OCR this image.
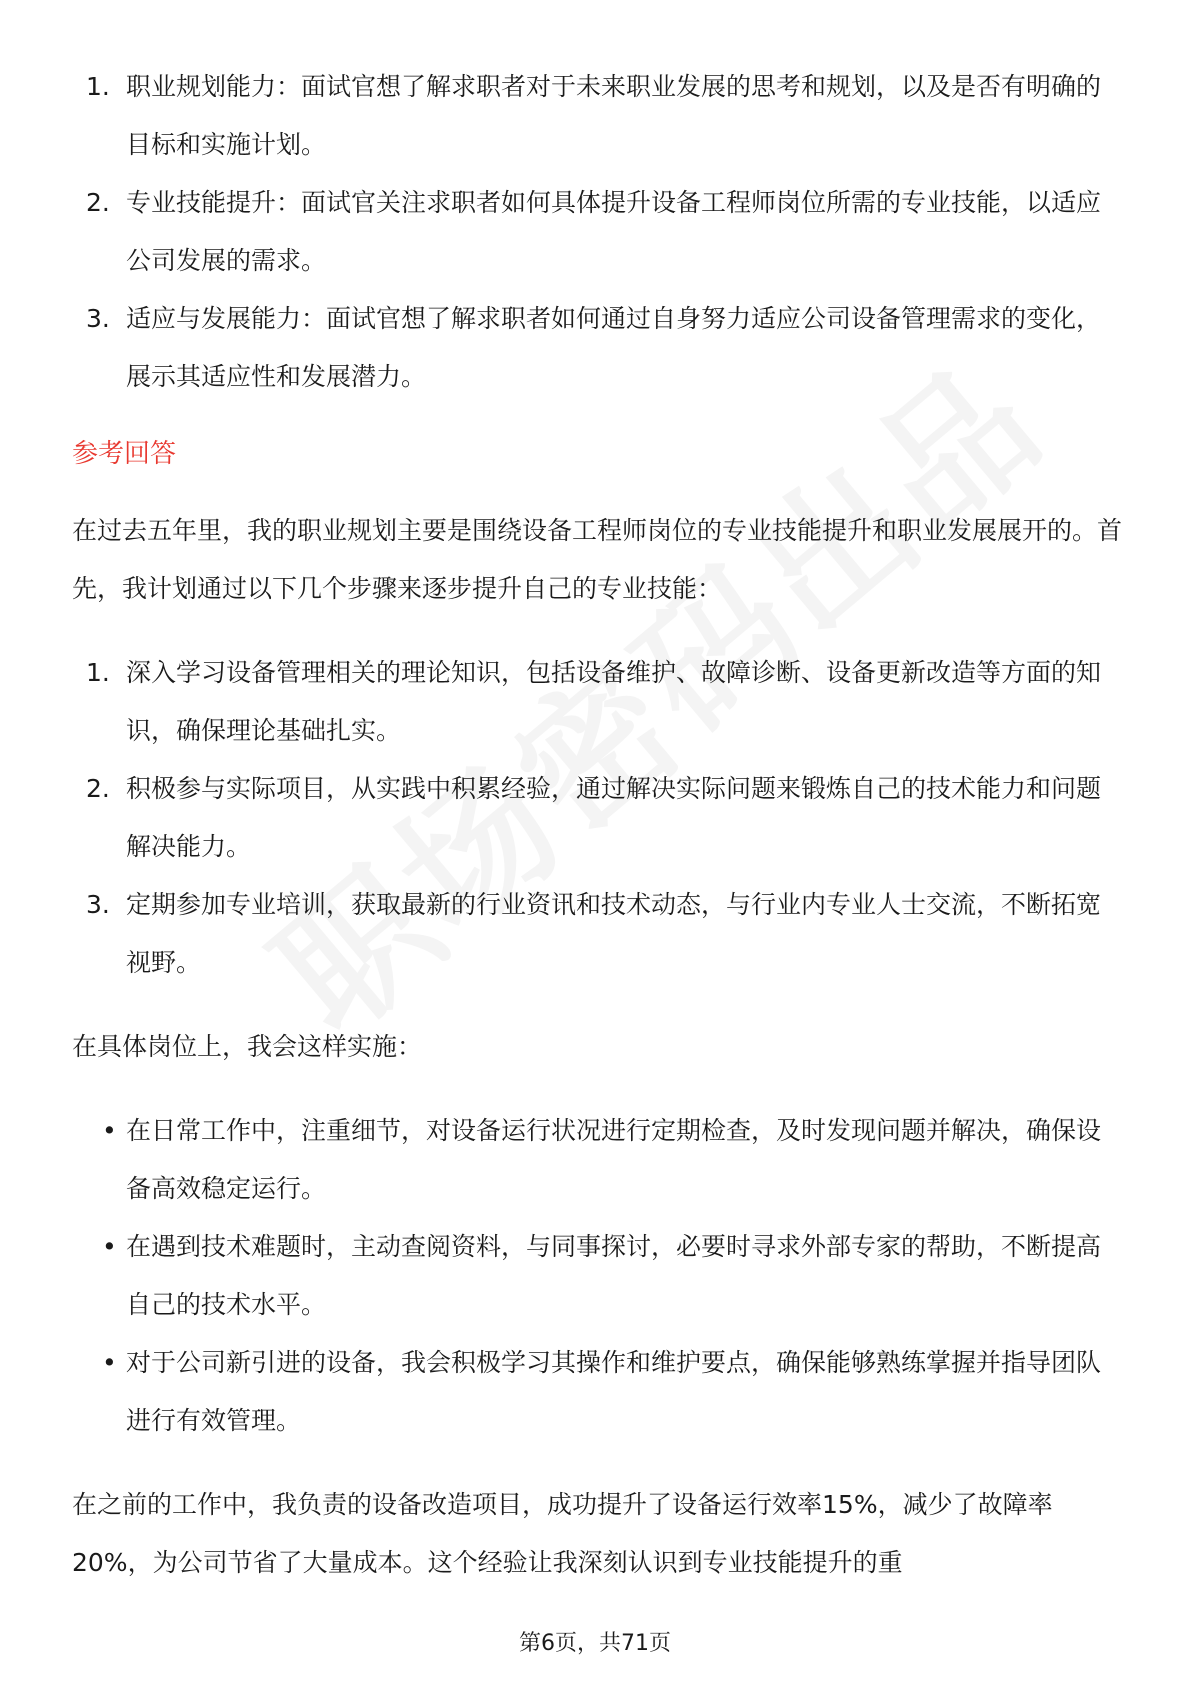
1. 职业规划能力：面试官想了解求职者对于未来职业发展的思考和规划，以及是否有明确的目标和实施计划。
2. 专业技能提升：面试官关注求职者如何具体提升设备工程师岗位所需的专业技能，以适应公司发展的需求。
3. 适应与发展能力：面试官想了解求职者如何通过自身努力适应公司设备管理需求的变化，展示其适应性和发展潜力。
参考回答

在过去五年里，我的职业规划主要是围绕设备工程师岗位的专业技能提升和职业发展展开的。首先，我计划通过以下几个步骤来逐步提升自己的专业技能：

1. 深入学习设备管理相关的理论知识，包括设备维护、故障诊断、设备更新改造等方面的知识，确保理论基础扎实。
2. 积极参与实际项目，从实践中积累经验，通过解决实际问题来锻炼自己的技术能力和问题解决能力。
3. 定期参加专业培训，获取最新的行业资讯和技术动态，与行业内专业人士交流，不断拓宽视野。

在具体岗位上，我会这样实施：

• 在日常工作中，注重细节，对设备运行状况进行定期检查，及时发现问题并解决，确保设备高效稳定运行。
• 在遇到技术难题时，主动查阅资料，与同事探讨，必要时寻求外部专家的帮助，不断提高自己的技术水平。
• 对于公司新引进的设备，我会积极学习其操作和维护要点，确保能够熟练掌握并指导团队进行有效管理。

在之前的工作中，我负责的设备改造项目，成功提升了设备运行效率15%，减少了故障率20%，为公司节省了大量成本。这个经验让我深刻认识到专业技能提升的重

第6页，共71页
